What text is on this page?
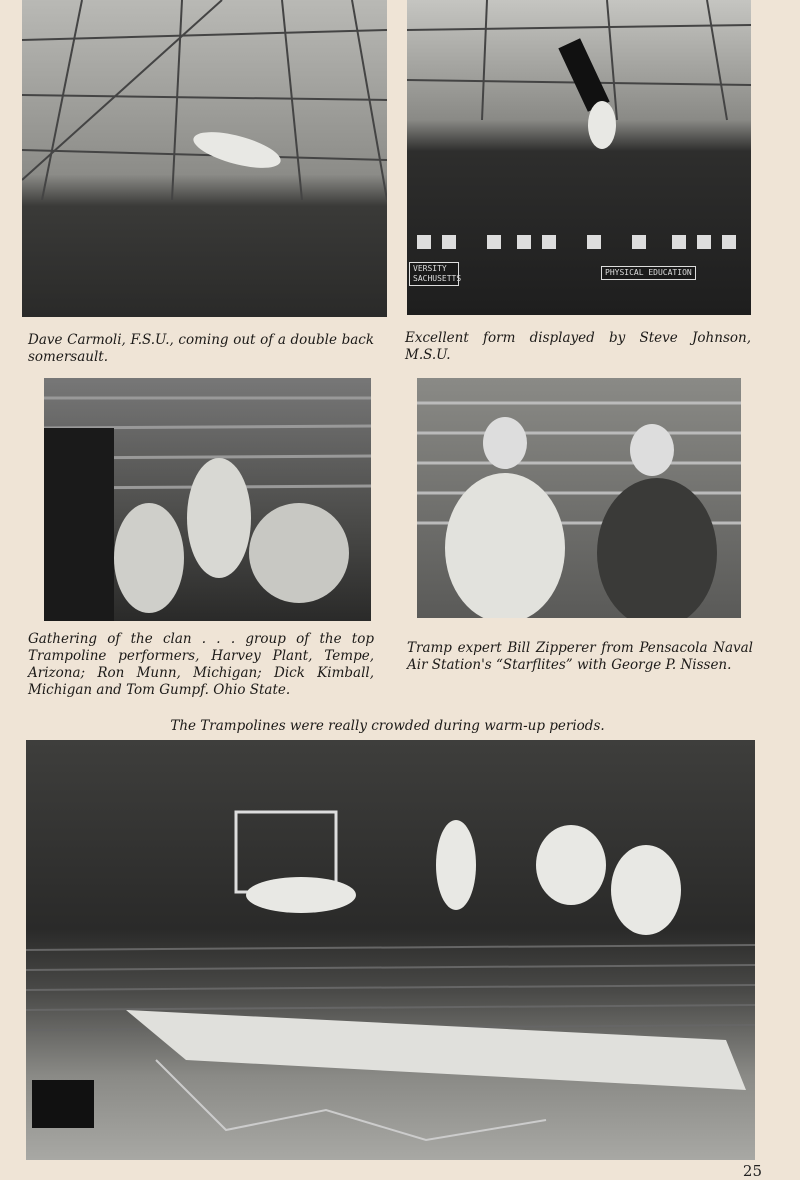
VERSITY SACHUSETTS
PHYSICAL EDUCATION
Dave Carmoli, F.S.U., coming out of a double back somersault.
Excellent form displayed by Steve Johnson, M.S.U.
Gathering of the clan . . . group of the top Trampoline performers, Harvey Plant, Tempe, Arizona; Ron Munn, Michigan; Dick Kimball, Michigan and Tom Gumpf. Ohio State.
Tramp expert Bill Zipperer from Pensacola Naval Air Station's “Starflites” with George P. Nissen.
The Trampolines were really crowded during warm-up periods.
25
